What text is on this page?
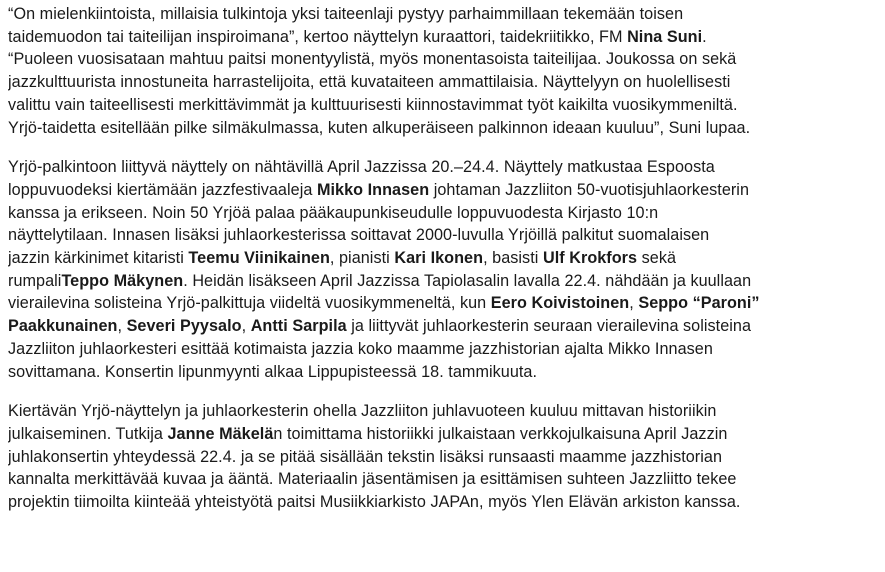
“On mielenkiintoista, millaisia tulkintoja yksi taiteenlaji pystyy parhaimmillaan tekemään toisen
taidemuodon tai taiteilijan inspiroimana”, kertoo näyttelyn kuraattori, taidekriitikko, FM Nina Suni.
“Puoleen vuosisataan mahtuu paitsi monentyylistä, myös monentasoista taiteilijaa. Joukossa on sekä
jazzkulttuurista innostuneita harrastelijoita, että kuvataiteen ammattilaisia. Näyttelyyn on huolellisesti
valittu vain taiteellisesti merkittävimmät ja kulttuurisesti kiinnostavimmat työt kaikilta vuosikymmeniltä.
Yrjö-taidetta esitellään pilke silmäkulmassa, kuten alkuperäiseen palkinnon ideaan kuuluu”, Suni lupaa.

Yrjö-palkintoon liittyvä näyttely on nähtävillä April Jazzissa 20.–24.4. Näyttely matkustaa Espoosta
loppuvuodeksi kiertämään jazzfestivaaleja Mikko Innasen johtaman Jazzliiton 50-vuotisjuhlaorkesterin
kanssa ja erikseen. Noin 50 Yrjöä palaa pääkaupunkiseudulle loppuvuodesta Kirjasto 10:n
näyttelytilaan. Innasen lisäksi juhlaorkesterissa soittavat 2000-luvulla Yrjöillä palkitut suomalaisen
jazzin kärkinimet kitaristi Teemu Viinikainen, pianisti Kari Ikonen, basisti Ulf Krokfors sekä
rumpaliTeppo Mäkynen. Heidän lisäkseen April Jazzissa Tapiolasalin lavalla 22.4. nähdään ja kuullaan
vierailevina solisteina Yrjö-palkittuja viideltä vuosikymmeneltä, kun Eero Koivistoinen, Seppo “Paroni”
Paakkunainen, Severi Pyysalo, Antti Sarpila ja liittyvät juhlaorkesterin seuraan vierailevina solisteina
Jazzliiton juhlaorkesteri esittää kotimaista jazzia koko maamme jazzhistorian ajalta Mikko Innasen
sovittamana. Konsertin lipunmyynti alkaa Lippupisteessä 18. tammikuuta.

Kiertävän Yrjö-näyttelyn ja juhlaorkesterin ohella Jazzliiton juhlavuoteen kuuluu mittavan historiikin
julkaiseminen. Tutkija Janne Mäkelän toimittama historiikki julkaistaan verkkojulkaisuna April Jazzin
juhlakonsertin yhteydessä 22.4. ja se pitää sisällään tekstin lisäksi runsaasti maamme jazzhistorian
kannalta merkittävää kuvaa ja ääntä. Materiaalin jäsentämisen ja esittämisen suhteen Jazzliitto tekee
projektin tiimoilta kiinteää yhteistyötä paitsi Musiikkiarkisto JAPAn, myös Ylen Elävän arkiston kanssa.
